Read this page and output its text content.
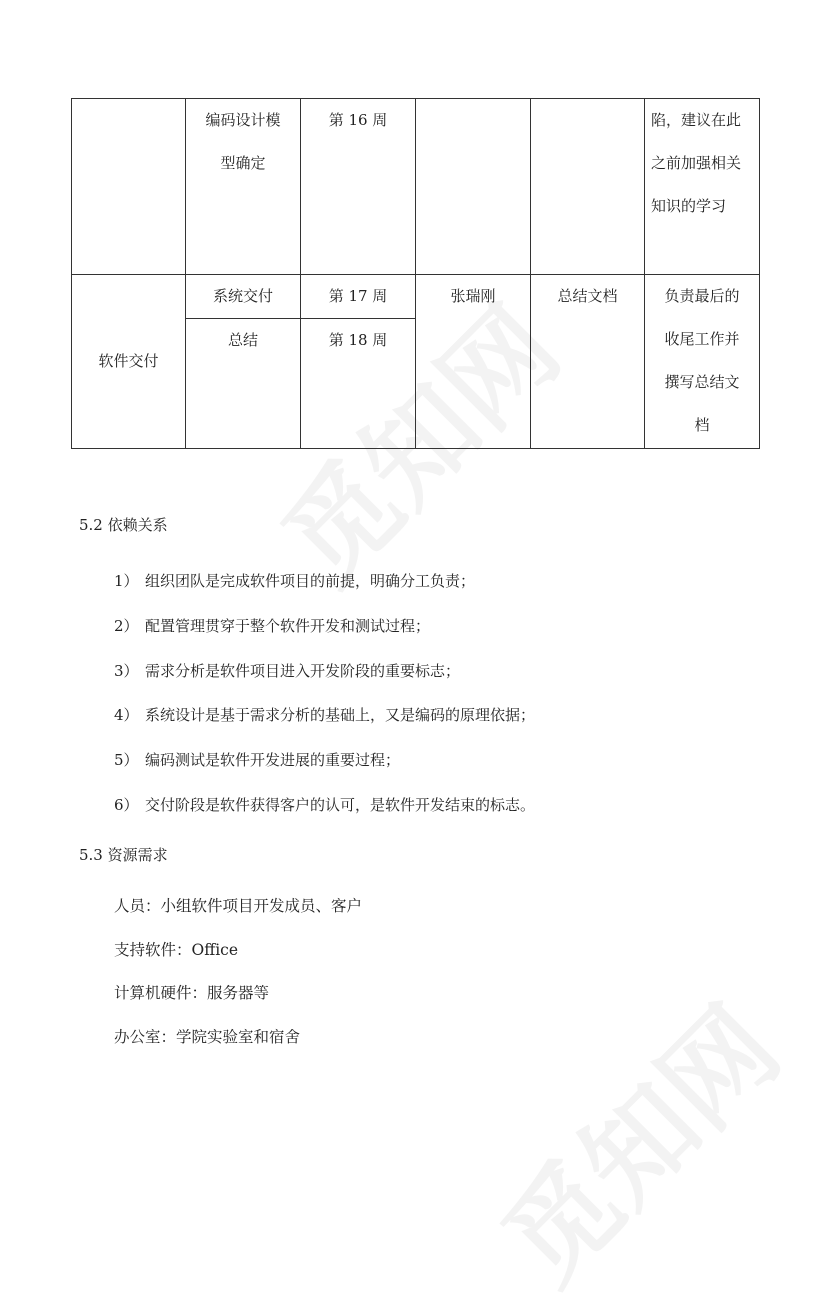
	编码设计模型确定	第 16 周			陷，建议在此之前加强相关知识的学习

软件交付	系统交付	第 17 周	张瑞刚	总结文档	负责最后的收尾工作并撰写总结文档

	总结	第 18 周			
5.2 依赖关系
1） 组织团队是完成软件项目的前提，明确分工负责；
2） 配置管理贯穿于整个软件开发和测试过程；
3） 需求分析是软件项目进入开发阶段的重要标志；
4） 系统设计是基于需求分析的基础上，又是编码的原理依据；
5） 编码测试是软件开发进展的重要过程；
6） 交付阶段是软件获得客户的认可，是软件开发结束的标志。
5.3 资源需求
人员：小组软件项目开发成员、客户
支持软件：Office
计算机硬件：服务器等
办公室：学院实验室和宿舍
